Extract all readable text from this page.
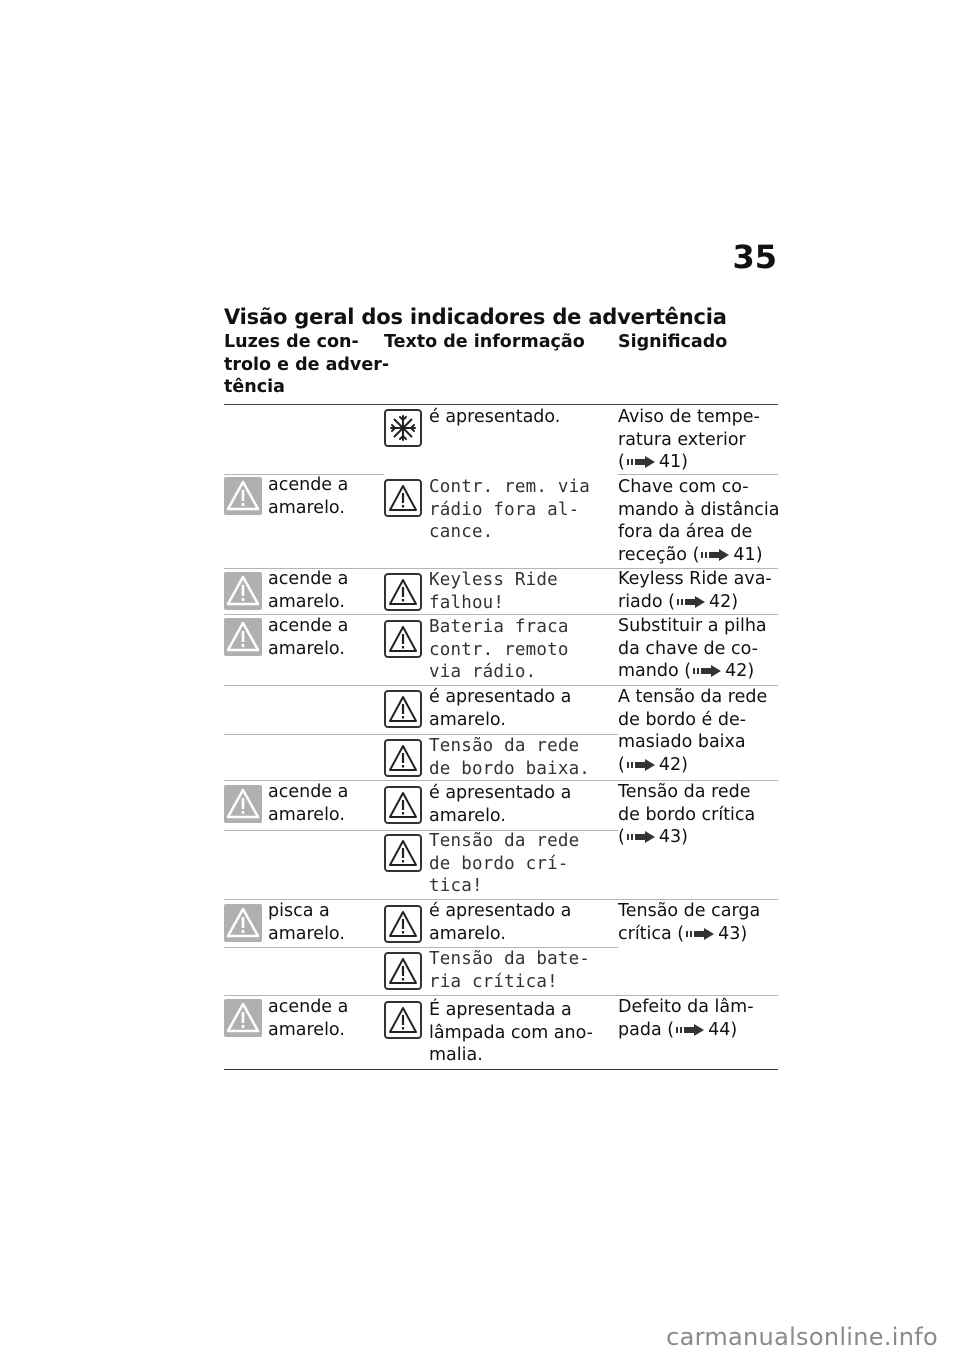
35
Visão geral dos indicadores de advertência
Luzes de con-
trolo e de adver-
tência
Texto de informação Significado
é apresentado.	Aviso de tempe-
ratura exterior
( 41)
acende a
amarelo.
Contr. rem. via
rádio fora al-
cance.
Chave com co-
mando à distância
fora da área de
receção ( 41)
acende a
amarelo.
Keyless Ride
falhou!
Keyless Ride ava-
riado ( 42)
acende a
amarelo.
Bateria fraca
contr. remoto
via rádio.
Substituir a pilha
da chave de co-
mando ( 42)
é apresentado a
amarelo.
A tensão da rede
de bordo é de-
masiado baixa
( 42)
Tensão da rede
de bordo baixa.
acende a
amarelo.
é apresentado a
amarelo.
Tensão da rede
de bordo crítica
( 43)
Tensão da rede
de bordo crí-
tica!
pisca a
amarelo.
é apresentado a
amarelo.
Tensão de carga
crítica ( 43)
Tensão da bate-
ria crítica!
acende a
amarelo.
É apresentada a
lâmpada com ano-
malia.
Defeito da lâm-
pada ( 44)
carmanualsonline.info
